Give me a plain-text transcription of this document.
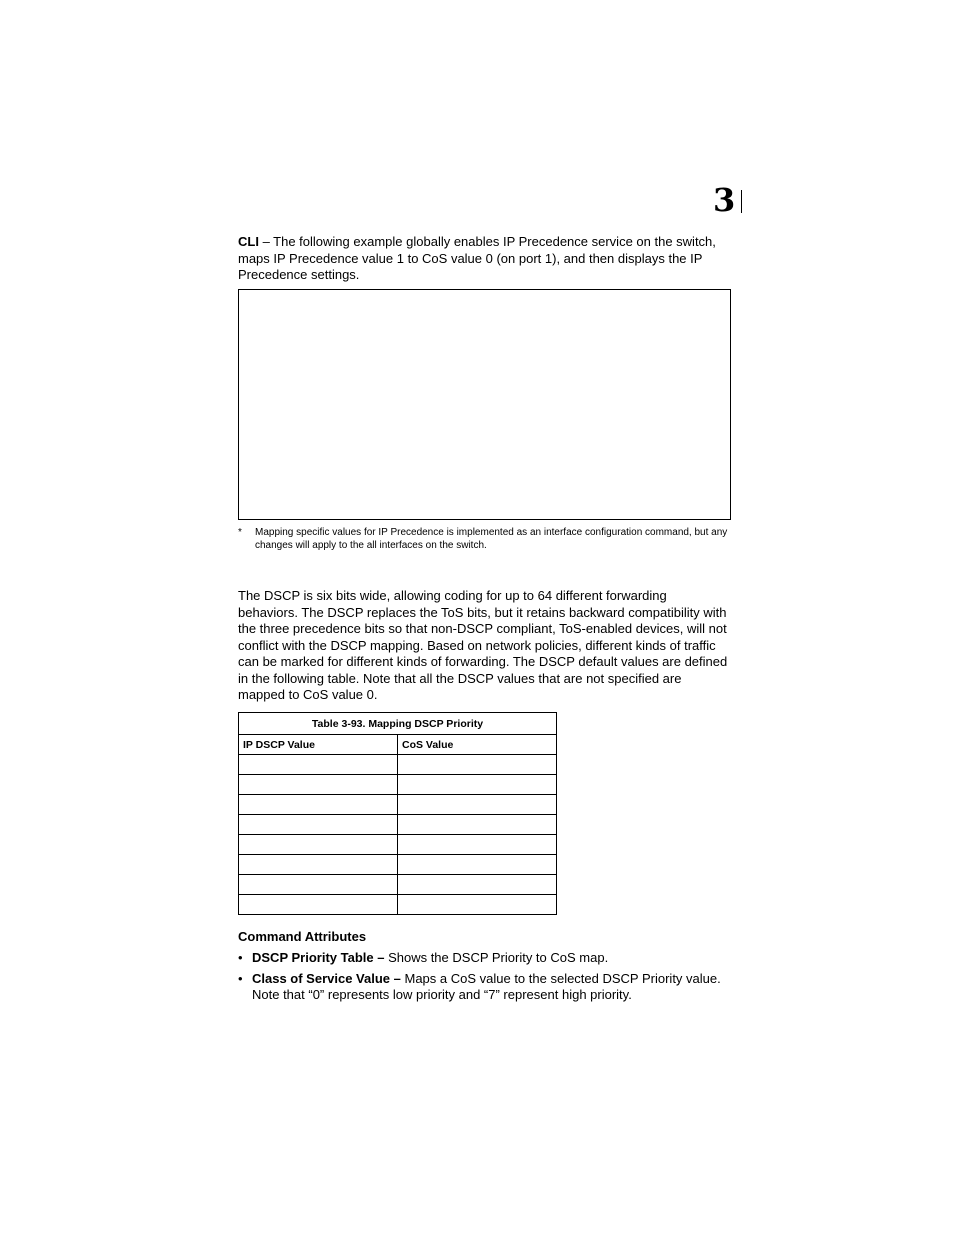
3

CLI – The following example globally enables IP Precedence service on the switch, maps IP Precedence value 1 to CoS value 0 (on port 1), and then displays the IP Precedence settings.

* Mapping specific values for IP Precedence is implemented as an interface configuration command, but any changes will apply to the all interfaces on the switch.

The DSCP is six bits wide, allowing coding for up to 64 different forwarding behaviors. The DSCP replaces the ToS bits, but it retains backward compatibility with the three precedence bits so that non-DSCP compliant, ToS-enabled devices, will not conflict with the DSCP mapping. Based on network policies, different kinds of traffic can be marked for different kinds of forwarding. The DSCP default values are defined in the following table. Note that all the DSCP values that are not specified are mapped to CoS value 0.

Table 3-93. Mapping DSCP Priority	
IP DSCP Value	CoS Value

Command Attributes
• DSCP Priority Table – Shows the DSCP Priority to CoS map.
• Class of Service Value – Maps a CoS value to the selected DSCP Priority value. Note that “0” represents low priority and “7” represent high priority.
